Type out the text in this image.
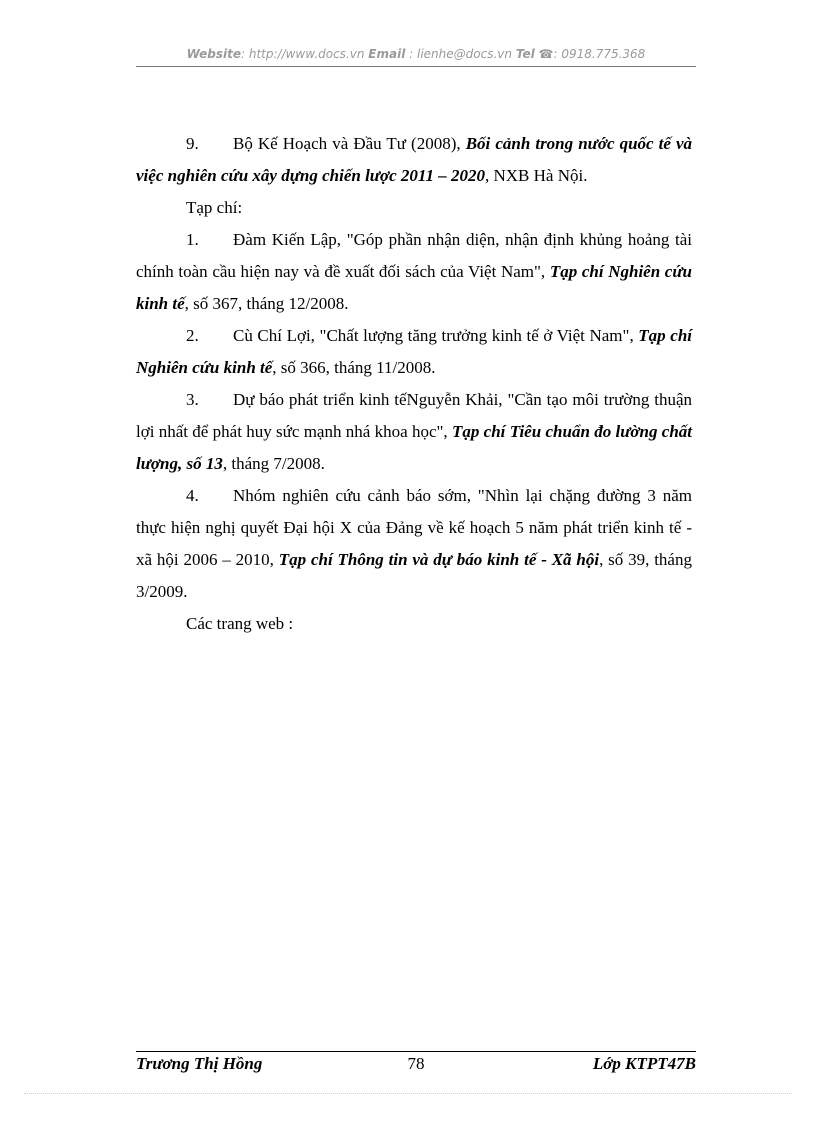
Website: http://www.docs.vn Email : lienhe@docs.vn Tel ☎: 0918.775.368

9. Bộ Kế Hoạch và Đầu Tư (2008), Bối cảnh trong nước quốc tế và việc nghiên cứu xây dựng chiến lược 2011 – 2020, NXB Hà Nội.

Tạp chí:

1. Đàm Kiến Lập, "Góp phần nhận diện, nhận định khủng hoảng tài chính toàn cầu hiện nay và đề xuất đối sách của Việt Nam", Tạp chí Nghiên cứu kinh tế, số 367, tháng 12/2008.

2. Cù Chí Lợi, "Chất lượng tăng trưởng kinh tế ở Việt Nam", Tạp chí Nghiên cứu kinh tế, số 366, tháng 11/2008.

3. Dự báo phát triển kinh tếNguyễn Khải, "Cần tạo môi trường thuận lợi nhất để phát huy sức mạnh nhá khoa học", Tạp chí Tiêu chuẩn đo lường chất lượng, số 13, tháng 7/2008.

4. Nhóm nghiên cứu cảnh báo sớm, "Nhìn lại chặng đường 3 năm thực hiện nghị quyết Đại hội X của Đảng về kế hoạch 5 năm phát triển kinh tế - xã hội 2006 – 2010, Tạp chí Thông tin và dự báo kinh tế - Xã hội, số 39, tháng 3/2009.

Các trang web :

Trương Thị Hồng	78	Lớp KTPT47B
